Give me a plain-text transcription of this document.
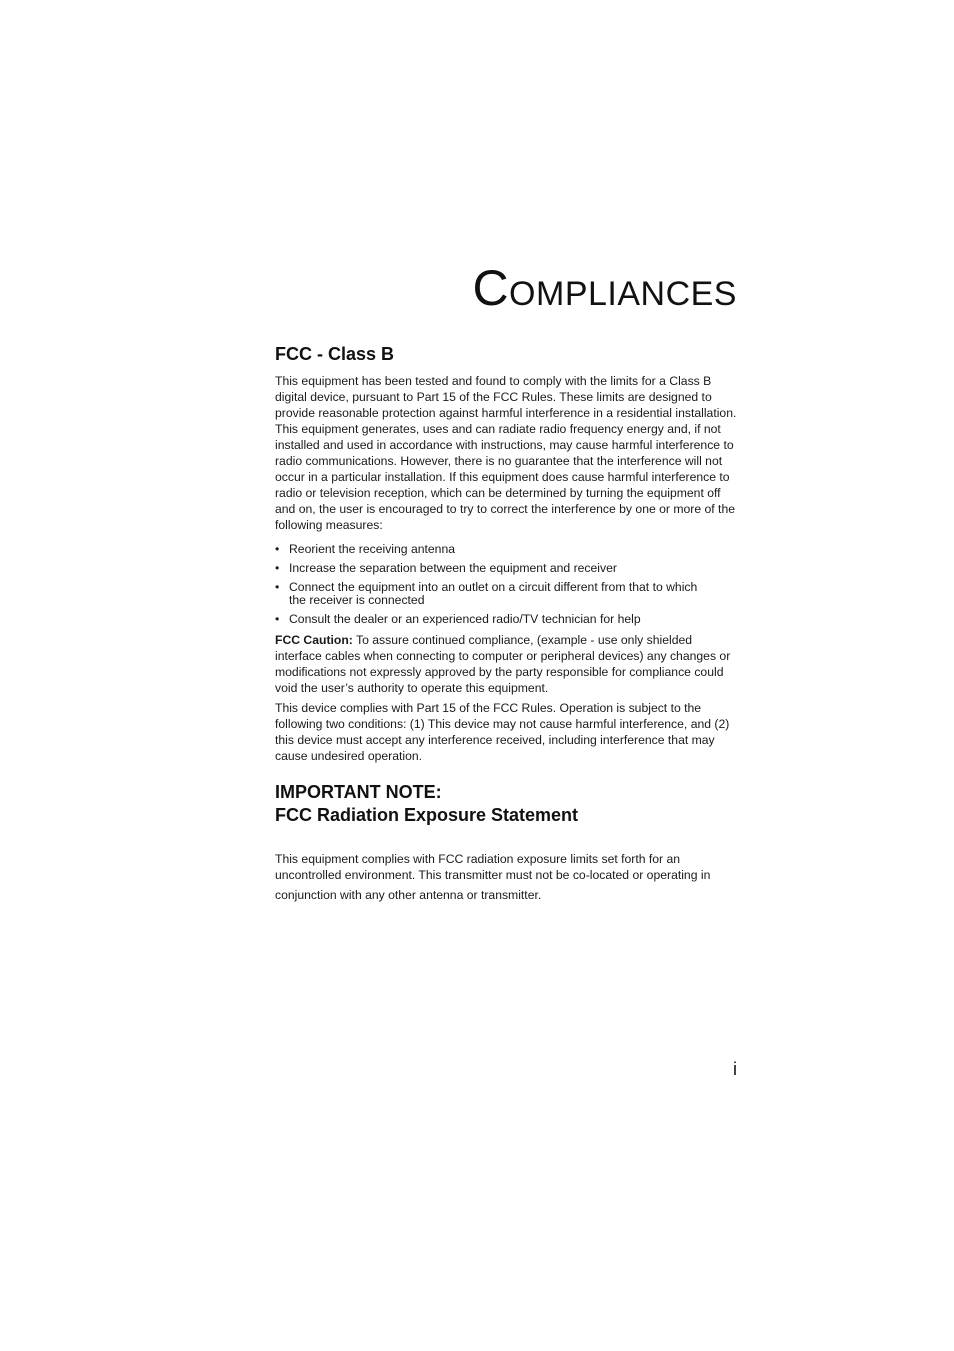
COMPLIANCES
FCC - Class B

This equipment has been tested and found to comply with the limits for a Class B digital device, pursuant to Part 15 of the FCC Rules. These limits are designed to provide reasonable protection against harmful interference in a residential installation. This equipment generates, uses and can radiate radio frequency energy and, if not installed and used in accordance with instructions, may cause harmful interference to radio communications. However, there is no guarantee that the interference will not occur in a particular installation. If this equipment does cause harmful interference to radio or television reception, which can be determined by turning the equipment off and on, the user is encouraged to try to correct the interference by one or more of the following measures:

• Reorient the receiving antenna
• Increase the separation between the equipment and receiver
• Connect the equipment into an outlet on a circuit different from that to which the receiver is connected
• Consult the dealer or an experienced radio/TV technician for help

FCC Caution: To assure continued compliance, (example - use only shielded interface cables when connecting to computer or peripheral devices) any changes or modifications not expressly approved by the party responsible for compliance could void the user’s authority to operate this equipment.

This device complies with Part 15 of the FCC Rules. Operation is subject to the following two conditions: (1) This device may not cause harmful interference, and (2) this device must accept any interference received, including interference that may cause undesired operation.

IMPORTANT NOTE:
FCC Radiation Exposure Statement

This equipment complies with FCC radiation exposure limits set forth for an uncontrolled environment. This transmitter must not be co-located or operating in
conjunction with any other antenna or transmitter.

i
